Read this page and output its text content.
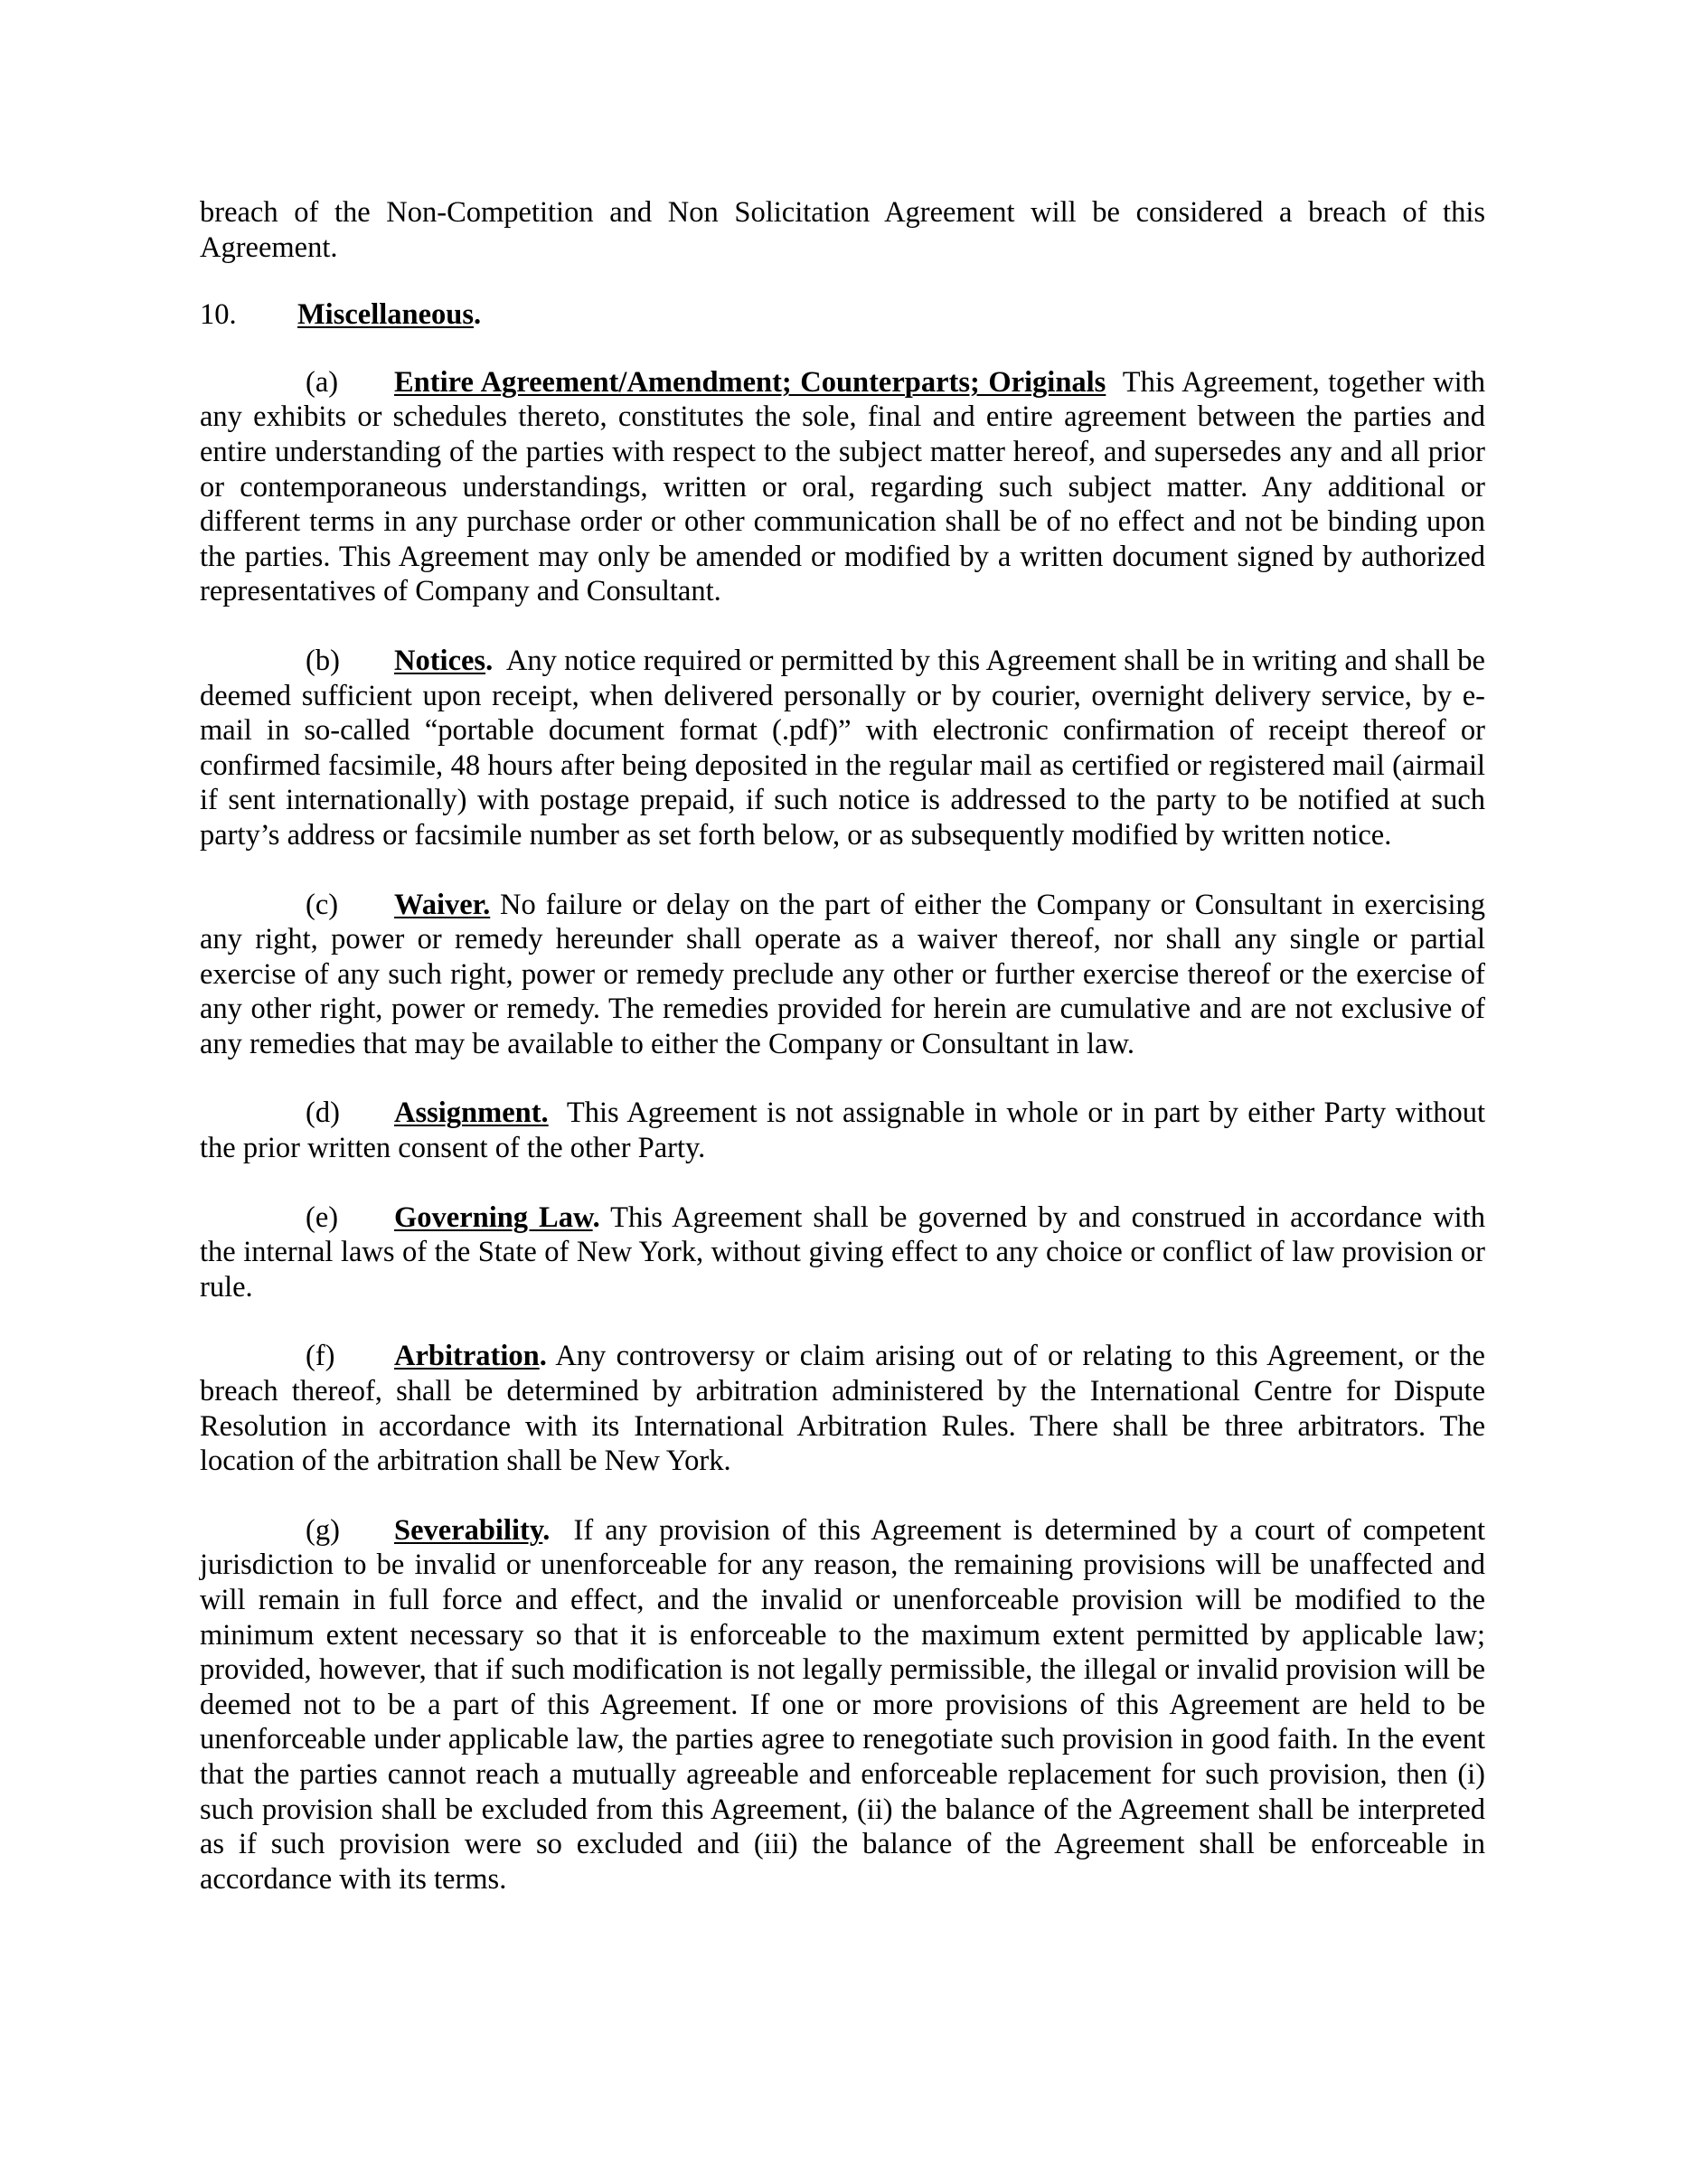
breach of the Non-Competition and Non Solicitation Agreement will be considered a breach of this Agreement.

10. Miscellaneous.

(a) Entire Agreement/Amendment; Counterparts; Originals This Agreement, together with any exhibits or schedules thereto, constitutes the sole, final and entire agreement between the parties and entire understanding of the parties with respect to the subject matter hereof, and supersedes any and all prior or contemporaneous understandings, written or oral, regarding such subject matter. Any additional or different terms in any purchase order or other communication shall be of no effect and not be binding upon the parties. This Agreement may only be amended or modified by a written document signed by authorized representatives of Company and Consultant.

(b) Notices. Any notice required or permitted by this Agreement shall be in writing and shall be deemed sufficient upon receipt, when delivered personally or by courier, overnight delivery service, by e-mail in so-called “portable document format (.pdf)” with electronic confirmation of receipt thereof or confirmed facsimile, 48 hours after being deposited in the regular mail as certified or registered mail (airmail if sent internationally) with postage prepaid, if such notice is addressed to the party to be notified at such party’s address or facsimile number as set forth below, or as subsequently modified by written notice.

(c) Waiver. No failure or delay on the part of either the Company or Consultant in exercising any right, power or remedy hereunder shall operate as a waiver thereof, nor shall any single or partial exercise of any such right, power or remedy preclude any other or further exercise thereof or the exercise of any other right, power or remedy. The remedies provided for herein are cumulative and are not exclusive of any remedies that may be available to either the Company or Consultant in law.

(d) Assignment. This Agreement is not assignable in whole or in part by either Party without the prior written consent of the other Party.

(e) Governing Law. This Agreement shall be governed by and construed in accordance with the internal laws of the State of New York, without giving effect to any choice or conflict of law provision or rule.

(f) Arbitration. Any controversy or claim arising out of or relating to this Agreement, or the breach thereof, shall be determined by arbitration administered by the International Centre for Dispute Resolution in accordance with its International Arbitration Rules. There shall be three arbitrators. The location of the arbitration shall be New York.

(g) Severability. If any provision of this Agreement is determined by a court of competent jurisdiction to be invalid or unenforceable for any reason, the remaining provisions will be unaffected and will remain in full force and effect, and the invalid or unenforceable provision will be modified to the minimum extent necessary so that it is enforceable to the maximum extent permitted by applicable law; provided, however, that if such modification is not legally permissible, the illegal or invalid provision will be deemed not to be a part of this Agreement. If one or more provisions of this Agreement are held to be unenforceable under applicable law, the parties agree to renegotiate such provision in good faith. In the event that the parties cannot reach a mutually agreeable and enforceable replacement for such provision, then (i) such provision shall be excluded from this Agreement, (ii) the balance of the Agreement shall be interpreted as if such provision were so excluded and (iii) the balance of the Agreement shall be enforceable in accordance with its terms.
